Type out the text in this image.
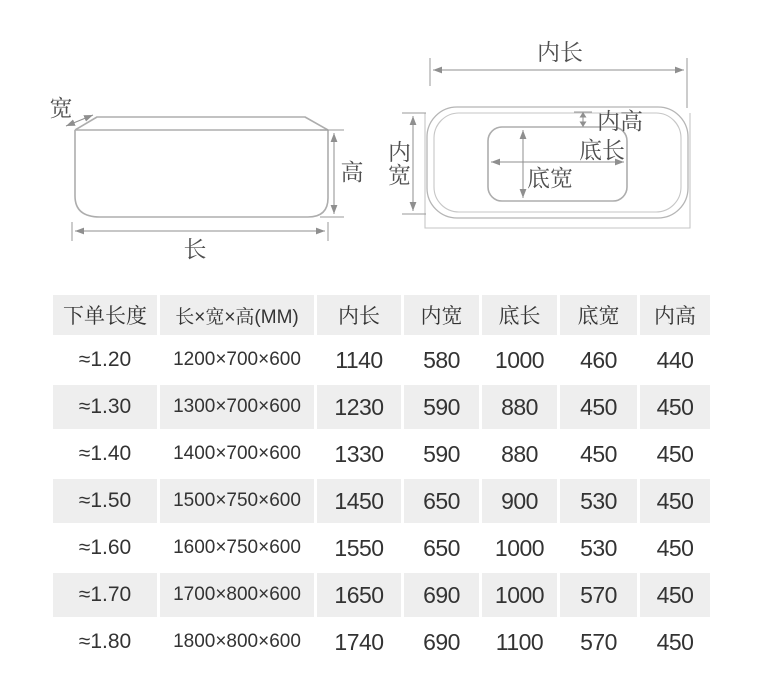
宽
高
长
内长
内宽
内高
底长
底宽
下单长度	长×宽×高(MM)	内长	内宽	底长	底宽	内高
≈1.20	1200×700×600	1140	580	1000	460	440
≈1.30	1300×700×600	1230	590	880	450	450
≈1.40	1400×700×600	1330	590	880	450	450
≈1.50	1500×750×600	1450	650	900	530	450
≈1.60	1600×750×600	1550	650	1000	530	450
≈1.70	1700×800×600	1650	690	1000	570	450
≈1.80	1800×800×600	1740	690	1100	570	450
